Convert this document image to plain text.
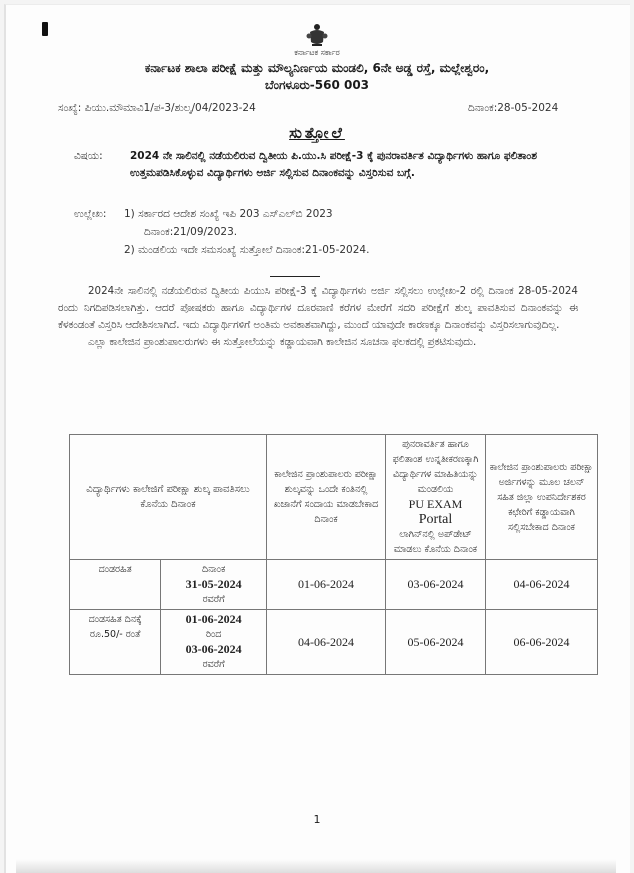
ಕರ್ನಾಟಕ ಸರ್ಕಾರ
ಕರ್ನಾಟಕ ಶಾಲಾ ಪರೀಕ್ಷೆ ಮತ್ತು ಮೌಲ್ಯನಿರ್ಣಯ ಮಂಡಲಿ, 6ನೇ ಅಡ್ಡ ರಸ್ತೆ, ಮಲ್ಲೇಶ್ವರಂ,
ಬೆಂಗಳೂರು-560 003
ಸಂಖ್ಯೆ: ಪಿಯು.ಮೌಮಾವಿ1/ಪ-3/ಶುಲ್ಕ/04/2023-24	ದಿನಾಂಕ:28-05-2024
ಸುತ್ತೋಲೆ
ವಿಷಯ:	2024 ನೇ ಸಾಲಿನಲ್ಲಿ ನಡೆಯಲಿರುವ ದ್ವಿತೀಯ ಪಿ.ಯು.ಸಿ ಪರೀಕ್ಷೆ-3 ಕ್ಕೆ ಪುನರಾವರ್ತಿತ ವಿದ್ಯಾರ್ಥಿಗಳು ಹಾಗೂ ಫಲಿತಾಂಶ ಉತ್ತಮಪಡಿಸಿಕೊಳ್ಳುವ ವಿದ್ಯಾರ್ಥಿಗಳು ಅರ್ಜಿ ಸಲ್ಲಿಸುವ ದಿನಾಂಕವನ್ನು ವಿಸ್ತರಿಸುವ ಬಗ್ಗೆ.
ಉಲ್ಲೇಖ:	1) ಸರ್ಕಾರದ ಆದೇಶ ಸಂಖ್ಯೆ ಇಪಿ 203 ಎಸ್‌ಎಲ್‌ಬಿ 2023
ದಿನಾಂಕ:21/09/2023.
2) ಮಂಡಲಿಯ ಇದೇ ಸಮಸಂಖ್ಯೆ ಸುತ್ತೋಲೆ ದಿನಾಂಕ:21-05-2024.

2024ನೇ ಸಾಲಿನಲ್ಲಿ ನಡೆಯಲಿರುವ ದ್ವಿತೀಯ ಪಿಯುಸಿ ಪರೀಕ್ಷೆ-3 ಕ್ಕೆ ವಿದ್ಯಾರ್ಥಿಗಳು ಅರ್ಜಿ ಸಲ್ಲಿಸಲು ಉಲ್ಲೇಖ-2 ರಲ್ಲಿ ದಿನಾಂಕ 28-05-2024 ರಂದು ನಿಗದಿಪಡಿಸಲಾಗಿತ್ತು. ಆದರೆ ಪೋಷಕರು ಹಾಗೂ ವಿದ್ಯಾರ್ಥಿಗಳ ದೂರವಾಣಿ ಕರೆಗಳ ಮೇರೆಗೆ ಸದರಿ ಪರೀಕ್ಷೆಗೆ ಶುಲ್ಕ ಪಾವತಿಸುವ ದಿನಾಂಕವನ್ನು ಈ ಕೆಳಕಂಡಂತೆ ವಿಸ್ತರಿಸಿ ಆದೇಶಿಸಲಾಗಿದೆ. ಇದು ವಿದ್ಯಾರ್ಥಿಗಳಿಗೆ ಅಂತಿಮ ಅವಕಾಶವಾಗಿದ್ದು, ಮುಂದೆ ಯಾವುದೇ ಕಾರಣಕ್ಕೂ ದಿನಾಂಕವನ್ನು ವಿಸ್ತರಿಸಲಾಗುವುದಿಲ್ಲ.

ಎಲ್ಲಾ ಕಾಲೇಜಿನ ಪ್ರಾಂಶುಪಾಲರುಗಳು ಈ ಸುತ್ತೋಲೆಯನ್ನು ಕಡ್ಡಾಯವಾಗಿ ಕಾಲೇಜಿನ ಸೂಚನಾ ಫಲಕದಲ್ಲಿ ಪ್ರಕಟಿಸುವುದು.

ವಿದ್ಯಾರ್ಥಿಗಳು ಕಾಲೇಜಿಗೆ ಪರೀಕ್ಷಾ ಶುಲ್ಕ ಪಾವತಿಸಲು ಕೊನೆಯ ದಿನಾಂಕ		ಕಾಲೇಜಿನ ಪ್ರಾಂಶುಪಾಲರು ಪರೀಕ್ಷಾ ಶುಲ್ಕವನ್ನು ಒಂದೇ ಕಂತಿನಲ್ಲಿ ಖಜಾನೆಗೆ ಸಂದಾಯ ಮಾಡಬೇಕಾದ ದಿನಾಂಕ	ಪುನರಾವರ್ತಿತ ಹಾಗೂ ಫಲಿತಾಂಶ ಉನ್ನತೀಕರಣಕ್ಕಾಗಿ ವಿದ್ಯಾರ್ಥಿಗಳ ಮಾಹಿತಿಯನ್ನು ಮಂಡಲಿಯ
PU EXAM
Portal
ಲಾಗಿನ್‌ನಲ್ಲಿ ಅಪ್‌ಡೇಟ್ ಮಾಡಲು ಕೊನೆಯ ದಿನಾಂಕ	ಕಾಲೇಜಿನ ಪ್ರಾಂಶುಪಾಲರು ಪರೀಕ್ಷಾ ಅರ್ಜಿಗಳನ್ನು ಮೂಲ ಚಲನ್ ಸಹಿತ ಜಿಲ್ಲಾ ಉಪನಿರ್ದೇಶಕರ ಕಛೇರಿಗೆ ಕಡ್ಡಾಯವಾಗಿ ಸಲ್ಲಿಸಬೇಕಾದ ದಿನಾಂಕ
ದಂಡರಹಿತ	ದಿನಾಂಕ
31-05-2024
ರವರೆಗೆ	01-06-2024	03-06-2024	04-06-2024
ದಂಡಸಹಿತ ದಿನಕ್ಕೆ ರೂ.50/- ರಂತೆ	01-06-2024
ರಿಂದ
03-06-2024
ರವರೆಗೆ	04-06-2024	05-06-2024	06-06-2024
1
